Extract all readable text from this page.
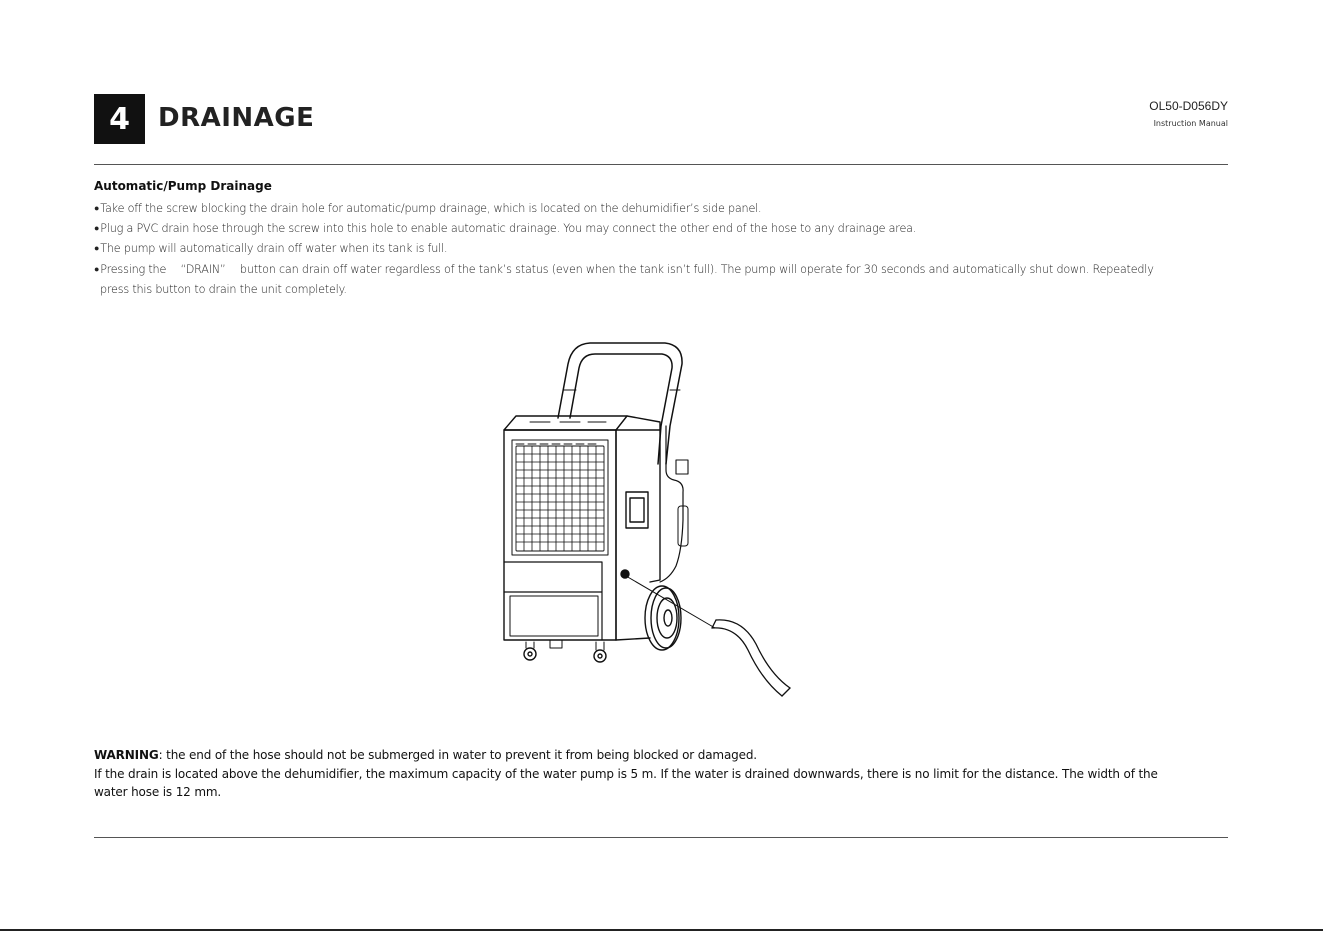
4 DRAINAGE	OL50-D056DY
Instruction Manual
Automatic/Pump Drainage
●Take off the screw blocking the drain hole for automatic/pump drainage, which is located on the dehumidifier’s side panel.
●Plug a PVC drain hose through the screw into this hole to enable automatic drainage. You may connect the other end of the hose to any drainage area.
●The pump will automatically drain off water when its tank is full.
●Pressing the 　“DRAIN”　 button can drain off water regardless of the tank’s status (even when the tank isn’t full). The pump will operate for 30 seconds and automatically shut down. Repeatedly
press this button to drain the unit completely.
WARNING: the end of the hose should not be submerged in water to prevent it from being blocked or damaged.
If the drain is located above the dehumidifier, the maximum capacity of the water pump is 5 m. If the water is drained downwards, there is no limit for the distance. The width of the
water hose is 12 mm.
